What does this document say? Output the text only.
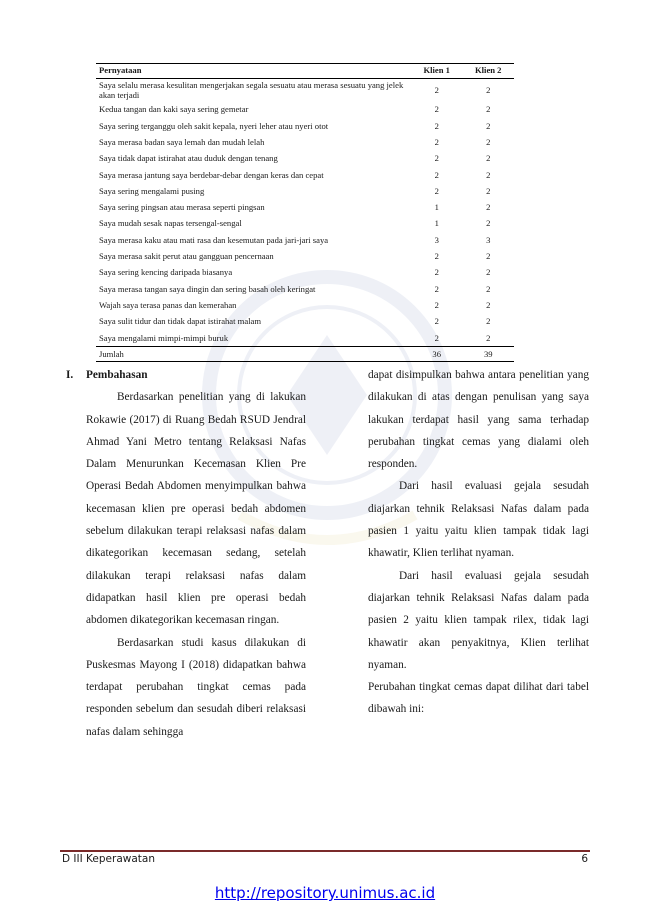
Pernyataan	Klien 1	Klien 2
Saya selalu merasa kesulitan mengerjakan segala sesuatu atau merasa sesuatu yang jelek akan terjadi	2	2
Kedua tangan dan kaki saya sering gemetar	2	2
Saya sering terganggu oleh sakit kepala, nyeri leher atau nyeri otot	2	2
Saya merasa badan saya lemah dan mudah lelah	2	2
Saya tidak dapat istirahat atau duduk dengan tenang	2	2
Saya merasa jantung saya berdebar-debar dengan keras dan cepat	2	2
Saya sering mengalami pusing	2	2
Saya sering pingsan atau merasa seperti pingsan	1	2
Saya mudah sesak napas tersengal-sengal	1	2
Saya merasa kaku atau mati rasa dan kesemutan pada jari-jari saya	3	3
Saya merasa sakit perut atau gangguan pencernaan	2	2
Saya sering kencing daripada biasanya	2	2
Saya merasa tangan saya dingin dan sering basah oleh keringat	2	2
Wajah saya terasa panas dan kemerahan	2	2
Saya sulit tidur dan tidak dapat istirahat malam	2	2
Saya mengalami mimpi-mimpi buruk	2	2
Jumlah	36	39
I. Pembahasan

Berdasarkan penelitian yang di lakukan Rokawie (2017) di Ruang Bedah RSUD Jendral Ahmad Yani Metro tentang Relaksasi Nafas Dalam Menurunkan Kecemasan Klien Pre Operasi Bedah Abdomen menyimpulkan bahwa kecemasan klien pre operasi bedah abdomen sebelum dilakukan terapi relaksasi nafas dalam dikategorikan kecemasan sedang, setelah dilakukan terapi relaksasi nafas dalam didapatkan hasil klien pre operasi bedah abdomen dikategorikan kecemasan ringan.

Berdasarkan studi kasus dilakukan di Puskesmas Mayong I (2018) didapatkan bahwa terdapat perubahan tingkat cemas pada responden sebelum dan sesudah diberi relaksasi nafas dalam sehingga

dapat disimpulkan bahwa antara penelitian yang dilakukan di atas dengan penulisan yang saya lakukan terdapat hasil yang sama terhadap perubahan tingkat cemas yang dialami oleh responden.

Dari hasil evaluasi gejala sesudah diajarkan tehnik Relaksasi Nafas dalam pada pasien 1 yaitu yaitu klien tampak tidak lagi khawatir, Klien terlihat nyaman.

Dari hasil evaluasi gejala sesudah diajarkan tehnik Relaksasi Nafas dalam pada pasien 2 yaitu klien tampak rilex, tidak lagi khawatir akan penyakitnya, Klien terlihat nyaman.

Perubahan tingkat cemas dapat dilihat dari tabel dibawah ini:

D III Keperawatan	6
http://repository.unimus.ac.id
